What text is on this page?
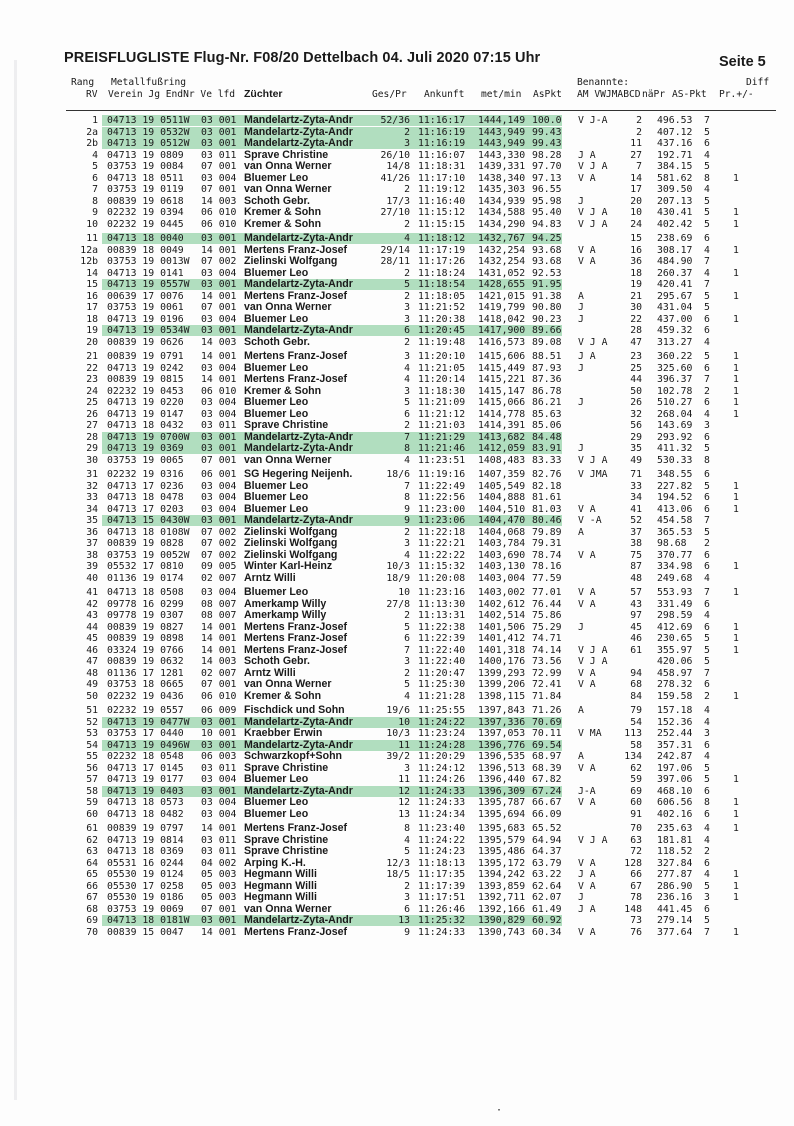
PREISFLUGLISTE Flug-Nr. F08/20 Dettelbach 04. Juli 2020 07:15 Uhr	Seite 5
Rang
RV
Metallfußring
Verein Jg EndNr Ve lfd Züchter	Ges/Pr Ankunft met/min AsPkt
Benannte:
AM VWJMABCD näPr AS-Pkt
Diff
Pr.+/-
1 04713 19 0511W 03 001 Mandelartz-Zyta-Andr	52/36 11:16:17 1444,149 100.0 V J-A	2 496.53 7
2a 04713 19 0532W 03 001 Mandelartz-Zyta-Andr	2 11:16:19 1443,949 99.43	2 407.12 5
2b 04713 19 0512W 03 001 Mandelartz-Zyta-Andr	3 11:16:19 1443,949 99.43	11 437.16 6
4 04713 19 0809 03 011 Sprave Christine	26/10 11:16:07 1443,330 98.28 J A	27 192.71 4
5 03753 19 0084 07 001 van Onna Werner	14/8 11:18:31 1439,331 97.70 V J A	7 384.15 5
6 04713 18 0511 03 004 Bluemer Leo	41/26 11:17:10 1438,340 97.13 V A	14 581.62 8 1
7 03753 19 0119 07 001 van Onna Werner	2 11:19:12 1435,303 96.55	17 309.50 4
8 00839 19 0618 14 003 Schoth Gebr.	17/3 11:16:40 1434,939 95.98 J	20 207.13 5
9 02232 19 0394 06 010 Kremer & Sohn	27/10 11:15:12 1434,588 95.40 V J A	10 430.41 5 1
10 02232 19 0445 06 010 Kremer & Sohn	2 11:15:15 1434,290 94.83 V J A	24 402.42 5 1
11 04713 18 0040 03 001 Mandelartz-Zyta-Andr	4 11:18:12 1432,767 94.25	15 238.69 6
12a 00839 18 0049 14 001 Mertens Franz-Josef	29/14 11:17:19 1432,254 93.68 V A	16 308.17 4 1
12b 03753 19 0013W 07 002 Zielinski Wolfgang	28/11 11:17:26 1432,254 93.68 V A	36 484.90 7
14 04713 19 0141 03 004 Bluemer Leo	2 11:18:24 1431,052 92.53	18 260.37 4 1
15 04713 19 0557W 03 001 Mandelartz-Zyta-Andr	5 11:18:54 1428,655 91.95	19 420.41 7
16 00639 17 0076 14 001 Mertens Franz-Josef	2 11:18:05 1421,015 91.38 A	21 295.67 5 1
17 03753 19 0061 07 001 van Onna Werner	3 11:21:52 1419,799 90.80 J	30 431.04 5
18 04713 19 0196 03 004 Bluemer Leo	3 11:20:38 1418,042 90.23 J	22 437.00 6 1
19 04713 19 0534W 03 001 Mandelartz-Zyta-Andr	6 11:20:45 1417,900 89.66	28 459.32 6
20 00839 19 0626 14 003 Schoth Gebr.	2 11:19:48 1416,573 89.08 V J A	47 313.27 4
21 00839 19 0791 14 001 Mertens Franz-Josef	3 11:20:10 1415,606 88.51 J A	23 360.22 5 1
22 04713 19 0242 03 004 Bluemer Leo	4 11:21:05 1415,449 87.93 J	25 325.60 6 1
23 00839 19 0815 14 001 Mertens Franz-Josef	4 11:20:14 1415,221 87.36	44 396.37 7 1
24 02232 19 0453 06 010 Kremer & Sohn	3 11:18:30 1415,147 86.78	50 102.78 2 1
25 04713 19 0220 03 004 Bluemer Leo	5 11:21:09 1415,066 86.21 J	26 510.27 6 1
26 04713 19 0147 03 004 Bluemer Leo	6 11:21:12 1414,778 85.63	32 268.04 4 1
27 04713 18 0432 03 011 Sprave Christine	2 11:21:03 1414,391 85.06	56 143.69 3
28 04713 19 0700W 03 001 Mandelartz-Zyta-Andr	7 11:21:29 1413,682 84.48	29 293.92 6
29 04713 19 0369 03 001 Mandelartz-Zyta-Andr	8 11:21:46 1412,059 83.91 J	35 411.32 5
30 03753 19 0065 07 001 van Onna Werner	4 11:23:51 1408,483 83.33 V J A	49 530.33 8
31 02232 19 0316 06 001 SG Hegering Neijenh.	18/6 11:19:16 1407,359 82.76 V JMA	71 348.55 6
32 04713 17 0236 03 004 Bluemer Leo	7 11:22:49 1405,549 82.18	33 227.82 5 1
33 04713 18 0478 03 004 Bluemer Leo	8 11:22:56 1404,888 81.61	34 194.52 6 1
34 04713 17 0203 03 004 Bluemer Leo	9 11:23:00 1404,510 81.03 V A	41 413.06 6 1
35 04713 15 0430W 03 001 Mandelartz-Zyta-Andr	9 11:23:06 1404,470 80.46 V -A	52 454.58 7
36 04713 18 0108W 07 002 Zielinski Wolfgang	2 11:22:18 1404,068 79.89 A	37 365.53 5
37 00839 19 0828 07 002 Zielinski Wolfgang	3 11:22:21 1403,784 79.31	38 98.68 2
38 03753 19 0052W 07 002 Zielinski Wolfgang	4 11:22:22 1403,690 78.74 V A	75 370.77 6
39 05532 17 0810 09 005 Winter Karl-Heinz	10/3 11:15:32 1403,130 78.16	87 334.98 6 1
40 01136 19 0174 02 007 Arntz Willi	18/9 11:20:08 1403,004 77.59	48 249.68 4
41 04713 18 0508 03 004 Bluemer Leo	10 11:23:16 1403,002 77.01 V A	57 553.93 7 1
42 09778 16 0299 08 007 Amerkamp Willy	27/8 11:13:30 1402,612 76.44 V A	43 331.49 6
43 09778 19 0307 08 007 Amerkamp Willy	2 11:13:31 1402,514 75.86	97 298.59 4
44 00839 19 0827 14 001 Mertens Franz-Josef	5 11:22:38 1401,506 75.29 J	45 412.69 6 1
45 00839 19 0898 14 001 Mertens Franz-Josef	6 11:22:39 1401,412 74.71	46 230.65 5 1
46 03324 19 0766 14 001 Mertens Franz-Josef	7 11:22:40 1401,318 74.14 V J A	61 355.97 5 1
47 00839 19 0632 14 003 Schoth Gebr.	3 11:22:40 1400,176 73.56 V J A	420.06 5
48 01136 17 1281 02 007 Arntz Willi	2 11:20:47 1399,293 72.99 V A	94 458.97 7
49 03753 18 0665 07 001 van Onna Werner	5 11:25:30 1399,206 72.41 V A	68 278.32 6
50 02232 19 0436 06 010 Kremer & Sohn	4 11:21:28 1398,115 71.84	84 159.58 2 1
51 02232 19 0557 06 009 Fischdick und Sohn	19/6 11:25:55 1397,843 71.26 A	79 157.18 4
52 04713 19 0477W 03 001 Mandelartz-Zyta-Andr	10 11:24:22 1397,336 70.69	54 152.36 4
53 03753 17 0440 10 001 Kraebber Erwin	10/3 11:23:24 1397,053 70.11 V MA 113 252.44 3
54 04713 19 0496W 03 001 Mandelartz-Zyta-Andr	11 11:24:28 1396,776 69.54	58 357.31 6
55 02232 18 0548 06 003 Schwarzkopf+Sohn	39/2 11:20:29 1396,535 68.97 A	134 242.87 4
56 04713 17 0145 03 011 Sprave Christine	3 11:24:12 1396,513 68.39 V A	62 197.06 5
57 04713 19 0177 03 004 Bluemer Leo	11 11:24:26 1396,440 67.82	59 397.06 5 1
58 04713 19 0403 03 001 Mandelartz-Zyta-Andr	12 11:24:33 1396,309 67.24 J-A	69 468.10 6
59 04713 18 0573 03 004 Bluemer Leo	12 11:24:33 1395,787 66.67 V A	60 606.56 8 1
60 04713 18 0482 03 004 Bluemer Leo	13 11:24:34 1395,694 66.09	91 402.16 6 1
61 00839 19 0797 14 001 Mertens Franz-Josef	8 11:23:40 1395,683 65.52	70 235.63 4 1
62 04713 19 0814 03 011 Sprave Christine	4 11:24:22 1395,579 64.94 V J A	63 181.81 4
63 04713 18 0369 03 011 Sprave Christine	5 11:24:23 1395,486 64.37	72 118.52 2
64 05531 16 0244 04 002 Arping K.-H.	12/3 11:18:13 1395,172 63.79 V A	128 327.84 6
65 05530 19 0124 05 003 Hegmann Willi	18/5 11:17:35 1394,242 63.22 J A	66 277.87 4 1
66 05530 17 0258 05 003 Hegmann Willi	2 11:17:39 1393,859 62.64 V A	67 286.90 5 1
67 05530 19 0186 05 003 Hegmann Willi	3 11:17:51 1392,711 62.07 J	78 236.16 3 1
68 03753 19 0069 07 001 van Onna Werner	6 11:26:46 1392,166 61.49 J A	148 441.45 6
69 04713 18 0181W 03 001 Mandelartz-Zyta-Andr	13 11:25:32 1390,829 60.92	73 279.14 5
70 00839 15 0047 14 001 Mertens Franz-Josef	9 11:24:33 1390,743 60.34 V A	76 377.64 7 1
·
